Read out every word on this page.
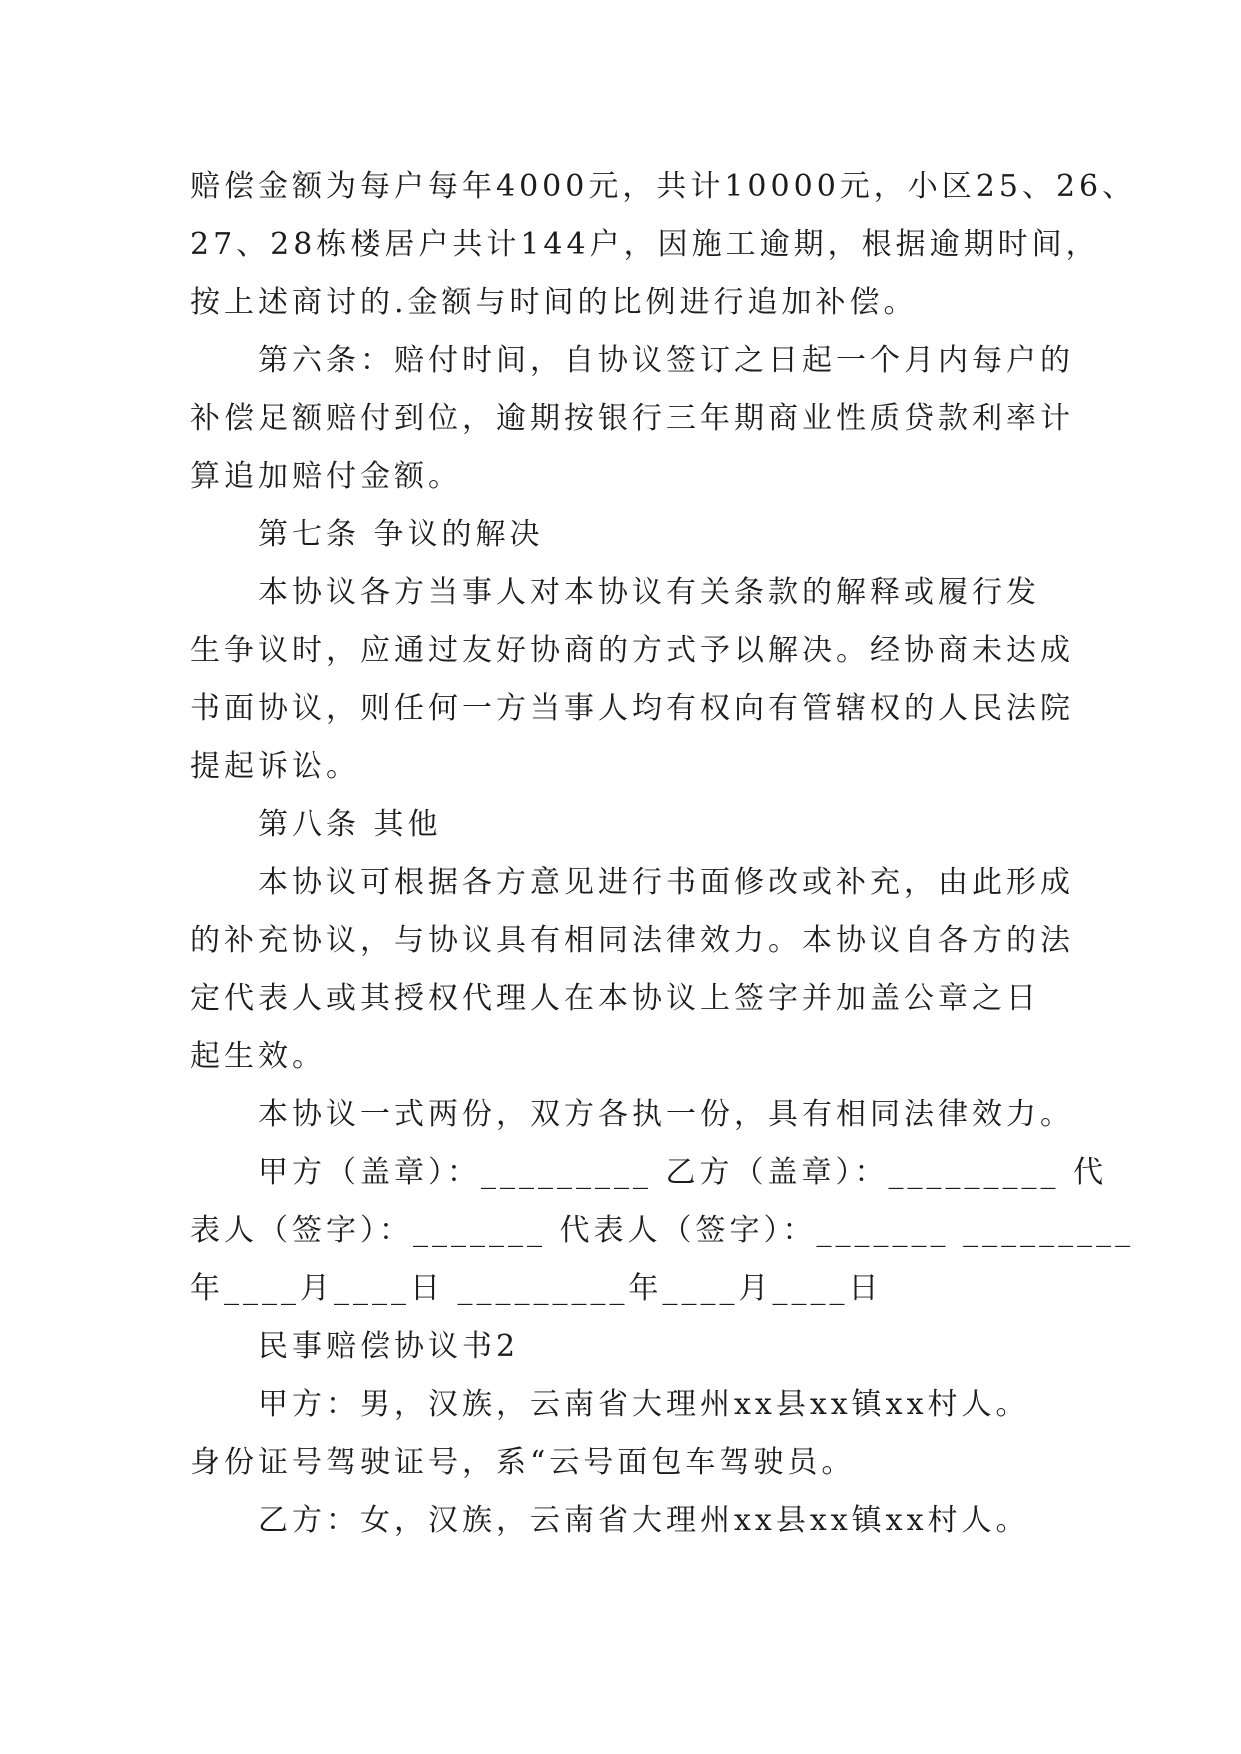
赔偿金额为每户每年4000元，共计10000元，小区25、26、
27、28栋楼居户共计144户，因施工逾期，根据逾期时间，
按上述商讨的.金额与时间的比例进行追加补偿。
第六条：赔付时间，自协议签订之日起一个月内每户的
补偿足额赔付到位，逾期按银行三年期商业性质贷款利率计
算追加赔付金额。
第七条 争议的解决
本协议各方当事人对本协议有关条款的解释或履行发
生争议时，应通过友好协商的方式予以解决。经协商未达成
书面协议，则任何一方当事人均有权向有管辖权的人民法院
提起诉讼。
第八条 其他
本协议可根据各方意见进行书面修改或补充，由此形成
的补充协议，与协议具有相同法律效力。本协议自各方的法
定代表人或其授权代理人在本协议上签字并加盖公章之日
起生效。
本协议一式两份，双方各执一份，具有相同法律效力。
甲方（盖章）：_________ 乙方（盖章）：_________ 代
表人（签字）：_______ 代表人（签字）：_______ _________
年____月____日 _________年____月____日
民事赔偿协议书2
甲方：男，汉族，云南省大理州xx县xx镇xx村人。
身份证号驾驶证号，系“云号面包车驾驶员。
乙方：女，汉族，云南省大理州xx县xx镇xx村人。
